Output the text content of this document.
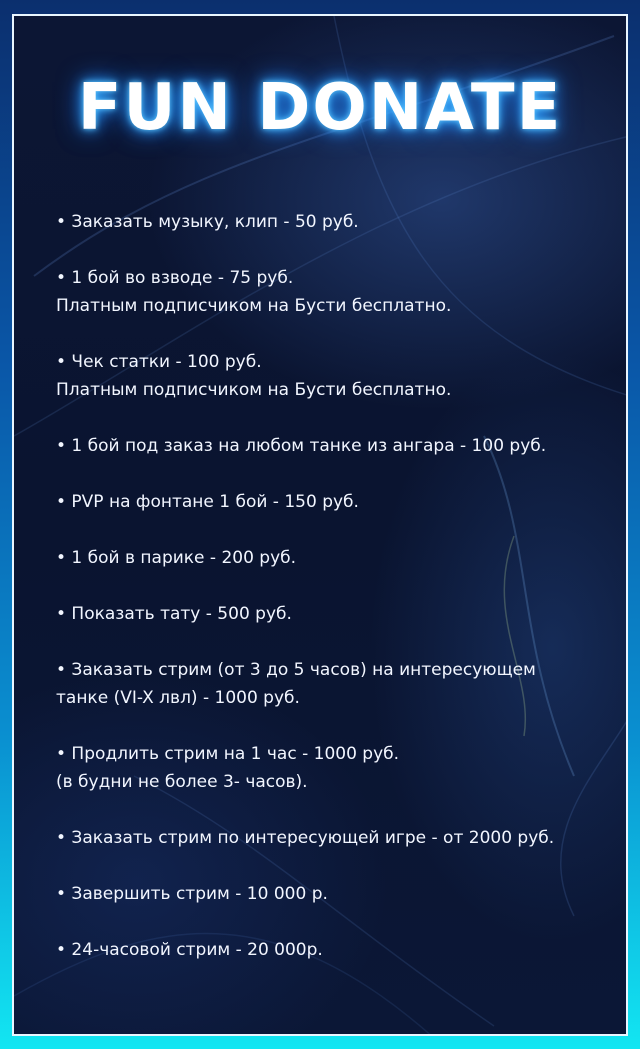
FUN DONATE
• Заказать музыку, клип - 50 руб.
• 1 бой во взводе - 75 руб.
Платным подписчиком на Бусти бесплатно.
• Чек статки - 100 руб.
Платным подписчиком на Бусти бесплатно.
• 1 бой под заказ на любом танке из ангара - 100 руб.
• PVP на фонтане 1 бой - 150 руб.
• 1 бой в парике - 200 руб.
• Показать тату - 500 руб.
• Заказать стрим (от 3 до 5 часов) на интересующем
танке (VI-X лвл) - 1000 руб.
• Продлить стрим на 1 час - 1000 руб.
(в будни не более 3- часов).
• Заказать стрим по интересующей игре - от 2000 руб.
• Завершить стрим - 10 000 р.
• 24-часовой стрим - 20 000р.
